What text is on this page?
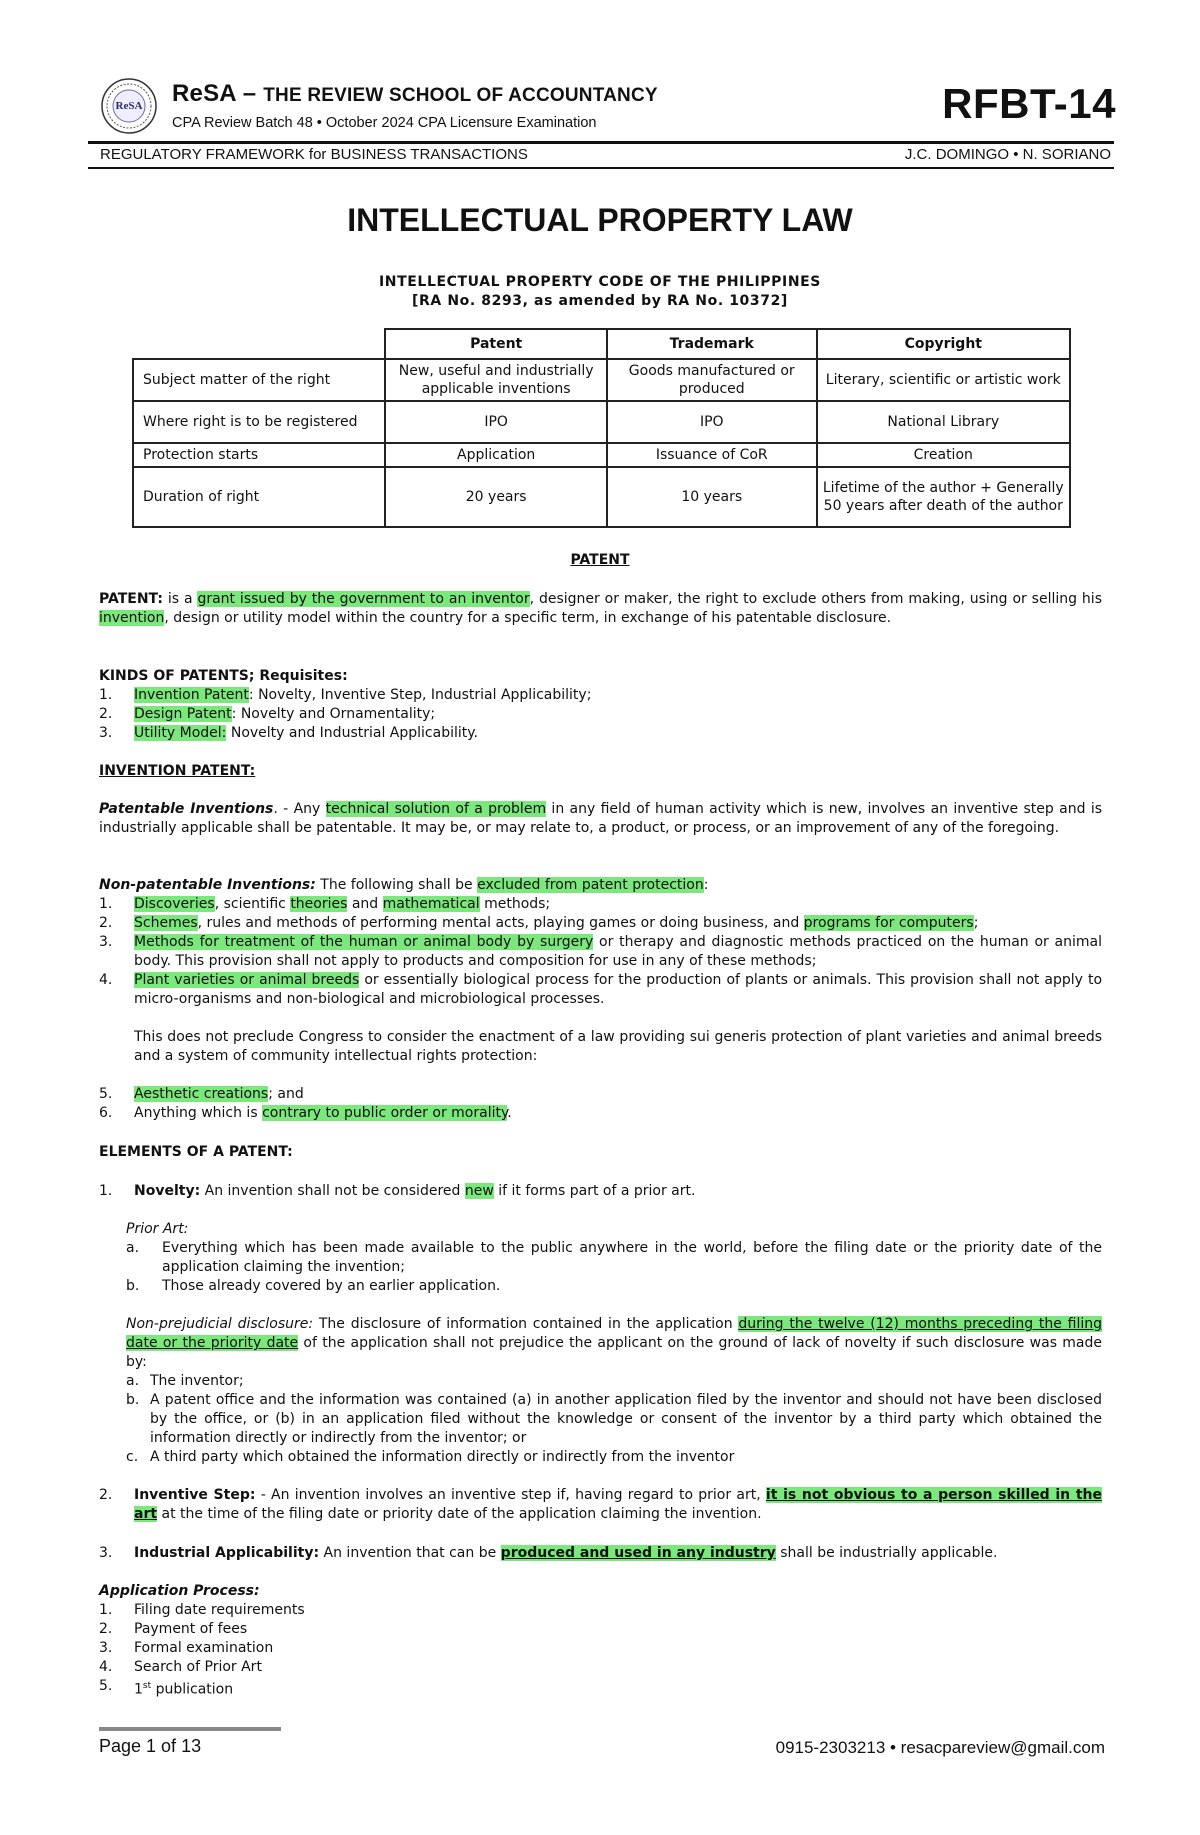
ReSA ReSA – THE REVIEW SCHOOL OF ACCOUNTANCY
CPA Review Batch 48 • October 2024 CPA Licensure Examination	RFBT-14
REGULATORY FRAMEWORK for BUSINESS TRANSACTIONS	J.C. DOMINGO • N. SORIANO
INTELLECTUAL PROPERTY LAW
INTELLECTUAL PROPERTY CODE OF THE PHILIPPINES
[RA No. 8293, as amended by RA No. 10372]
	Patent	Trademark	Copyright
Subject matter of the right	New, useful and industrially applicable inventions	Goods manufactured or produced	Literary, scientific or artistic work
Where right is to be registered	IPO	IPO	National Library
Protection starts	Application	Issuance of CoR	Creation
Duration of right	20 years	10 years	Lifetime of the author + Generally 50 years after death of the author
PATENT
PATENT: is a grant issued by the government to an inventor, designer or maker, the right to exclude others from making, using or selling his invention, design or utility model within the country for a specific term, in exchange of his patentable disclosure.
KINDS OF PATENTS; Requisites:
1.	Invention Patent: Novelty, Inventive Step, Industrial Applicability;
2.	Design Patent: Novelty and Ornamentality;
3.	Utility Model: Novelty and Industrial Applicability.
INVENTION PATENT:
Patentable Inventions. - Any technical solution of a problem in any field of human activity which is new, involves an inventive step and is industrially applicable shall be patentable. It may be, or may relate to, a product, or process, or an improvement of any of the foregoing.
Non-patentable Inventions: The following shall be excluded from patent protection:
1.	Discoveries, scientific theories and mathematical methods;
2.	Schemes, rules and methods of performing mental acts, playing games or doing business, and programs for computers;
3.	Methods for treatment of the human or animal body by surgery or therapy and diagnostic methods practiced on the human or animal body. This provision shall not apply to products and composition for use in any of these methods;
4.	Plant varieties or animal breeds or essentially biological process for the production of plants or animals. This provision shall not apply to micro-organisms and non-biological and microbiological processes.
This does not preclude Congress to consider the enactment of a law providing sui generis protection of plant varieties and animal breeds and a system of community intellectual rights protection:
5.	Aesthetic creations; and
6.	Anything which is contrary to public order or morality.
ELEMENTS OF A PATENT:
1.	Novelty: An invention shall not be considered new if it forms part of a prior art.
Prior Art:
a. Everything which has been made available to the public anywhere in the world, before the filing date or the priority date of the application claiming the invention;
b. Those already covered by an earlier application.
Non-prejudicial disclosure: The disclosure of information contained in the application during the twelve (12) months preceding the filing date or the priority date of the application shall not prejudice the applicant on the ground of lack of novelty if such disclosure was made by:
a. The inventor;
b. A patent office and the information was contained (a) in another application filed by the inventor and should not have been disclosed by the office, or (b) in an application filed without the knowledge or consent of the inventor by a third party which obtained the information directly or indirectly from the inventor; or
c. A third party which obtained the information directly or indirectly from the inventor
2.	Inventive Step: - An invention involves an inventive step if, having regard to prior art, it is not obvious to a person skilled in the art at the time of the filing date or priority date of the application claiming the invention.
3.	Industrial Applicability: An invention that can be produced and used in any industry shall be industrially applicable.
Application Process:
1.	Filing date requirements
2.	Payment of fees
3.	Formal examination
4.	Search of Prior Art
5.	1st publication
Page 1 of 13	0915-2303213 • resacpareview@gmail.com
